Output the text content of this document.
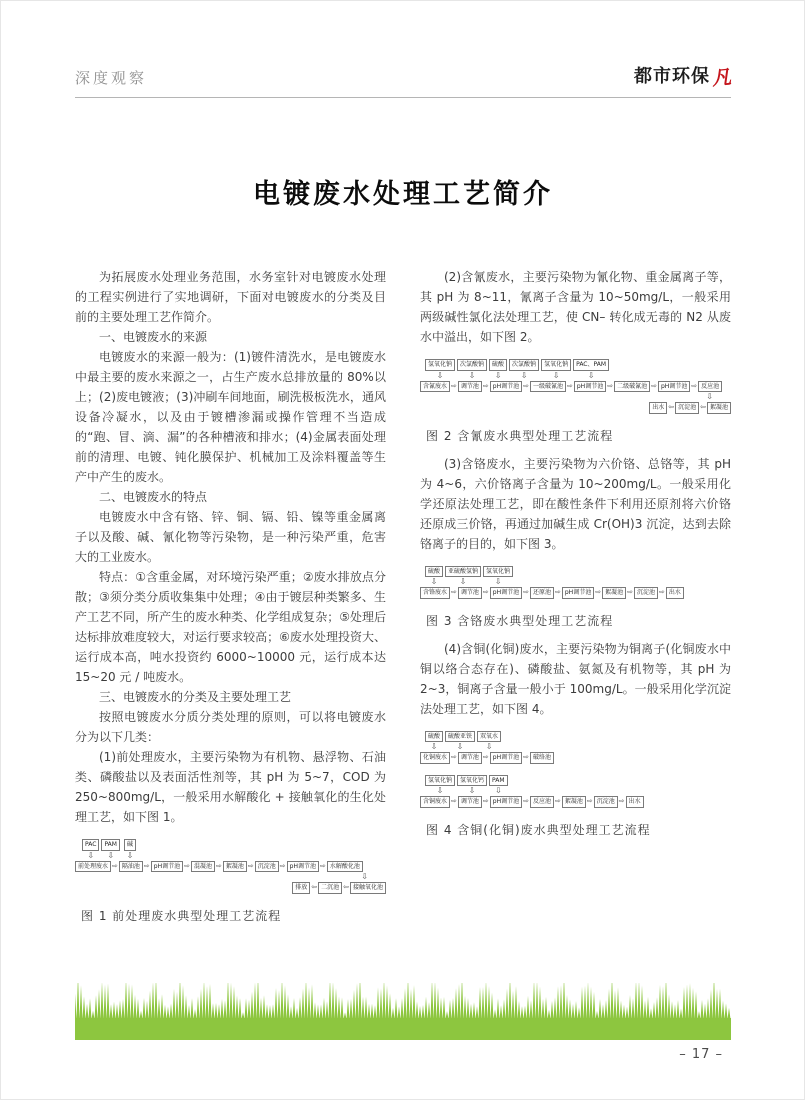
深度观察	都市环保 凡
电镀废水处理工艺简介

为拓展废水处理业务范围，水务室针对电镀废水处理的工程实例进行了实地调研，下面对电镀废水的分类及目前的主要处理工艺作简介。

一、电镀废水的来源

电镀废水的来源一般为：(1)镀件清洗水，是电镀废水中最主要的废水来源之一，占生产废水总排放量的 80%以上；(2)废电镀液；(3)冲刷车间地面，刷洗极板洗水，通风设备冷凝水，以及由于镀槽渗漏或操作管理不当造成的“跑、冒、滴、漏”的各种槽液和排水；(4)金属表面处理前的清理、电镀、钝化膜保护、机械加工及涂料覆盖等生产中产生的废水。

二、电镀废水的特点

电镀废水中含有铬、锌、铜、镉、铅、镍等重金属离子以及酸、碱、氰化物等污染物，是一种污染严重，危害大的工业废水。

特点：①含重金属，对环境污染严重；②废水排放点分散；③须分类分质收集集中处理；④由于镀层种类繁多、生产工艺不同，所产生的废水种类、化学组成复杂；⑤处理后达标排放难度较大，对运行要求较高；⑥废水处理投资大、运行成本高，吨水投资约 6000~10000 元，运行成本达 15~20 元 / 吨废水。

三、电镀废水的分类及主要处理工艺

按照电镀废水分质分类处理的原则，可以将电镀废水分为以下几类：

(1)前处理废水，主要污染物为有机物、悬浮物、石油类、磷酸盐以及表面活性剂等，其 pH 为 5~7，COD 为 250~800mg/L，一般采用水解酸化 + 接触氧化的生化处理工艺，如下图 1。

PAC
⇩
PAM
⇩
碱
⇩
前处理废水 ⇨ 隔油池 ⇨ pH调节池 ⇨ 混凝池 ⇨ 絮凝池 ⇨ 沉淀池 ⇨ pH调节池 ⇨ 水解酸化池
⇩
排放 ⇦ 二沉池 ⇦ 接触氧化池
图 1 前处理废水典型处理工艺流程

(2)含氰废水，主要污染物为氰化物、重金属离子等，其 pH 为 8~11，氰离子含量为 10~50mg/L，一般采用两级碱性氯化法处理工艺，使 CN– 转化成无毒的 N2 从废水中溢出，如下图 2。

氢氧化钠
⇩
次氯酸钠
⇩
硫酸
⇩
次氯酸钠
⇩
氢氧化钠
⇩
PAC、PAM
⇩
含氰废水 ⇨ 调节池 ⇨ pH调节池 ⇨ 一级破氰池 ⇨ pH调节池 ⇨ 二级破氰池 ⇨ pH调节池 ⇨ 反应池
⇩
出水 ⇦ 沉淀池 ⇦ 絮凝池
图 2 含氰废水典型处理工艺流程

(3)含铬废水，主要污染物为六价铬、总铬等，其 pH 为 4~6，六价铬离子含量为 10~200mg/L。一般采用化学还原法处理工艺，即在酸性条件下利用还原剂将六价铬还原成三价铬，再通过加碱生成 Cr(OH)3 沉淀，达到去除铬离子的目的，如下图 3。

硫酸
⇩
亚硫酸氢钠
⇩
氢氧化钠
⇩
含铬废水 ⇨ 调节池 ⇨ pH调节池 ⇨ 还原池 ⇨ pH调节池 ⇨ 絮凝池 ⇨ 沉淀池 ⇨ 出水
图 3 含铬废水典型处理工艺流程

(4)含铜(化铜)废水，主要污染物为铜离子(化铜废水中铜以络合态存在)、磷酸盐、氨氮及有机物等，其 pH 为 2~3，铜离子含量一般小于 100mg/L。一般采用化学沉淀法处理工艺，如下图 4。

硫酸
⇩
硫酸亚铁
⇩
双氧水
⇩
化铜废水 ⇨ 调节池 ⇨ pH调节池 ⇨ 破络池
氢氧化钠
⇩
氢氧化钙
⇩
PAM
⇩
含铜废水 ⇨ 调节池 ⇨ pH调节池 ⇨ 反应池 ⇨ 絮凝池 ⇨ 沉淀池 ⇨ 出水
图 4 含铜(化铜)废水典型处理工艺流程
– 17 –
